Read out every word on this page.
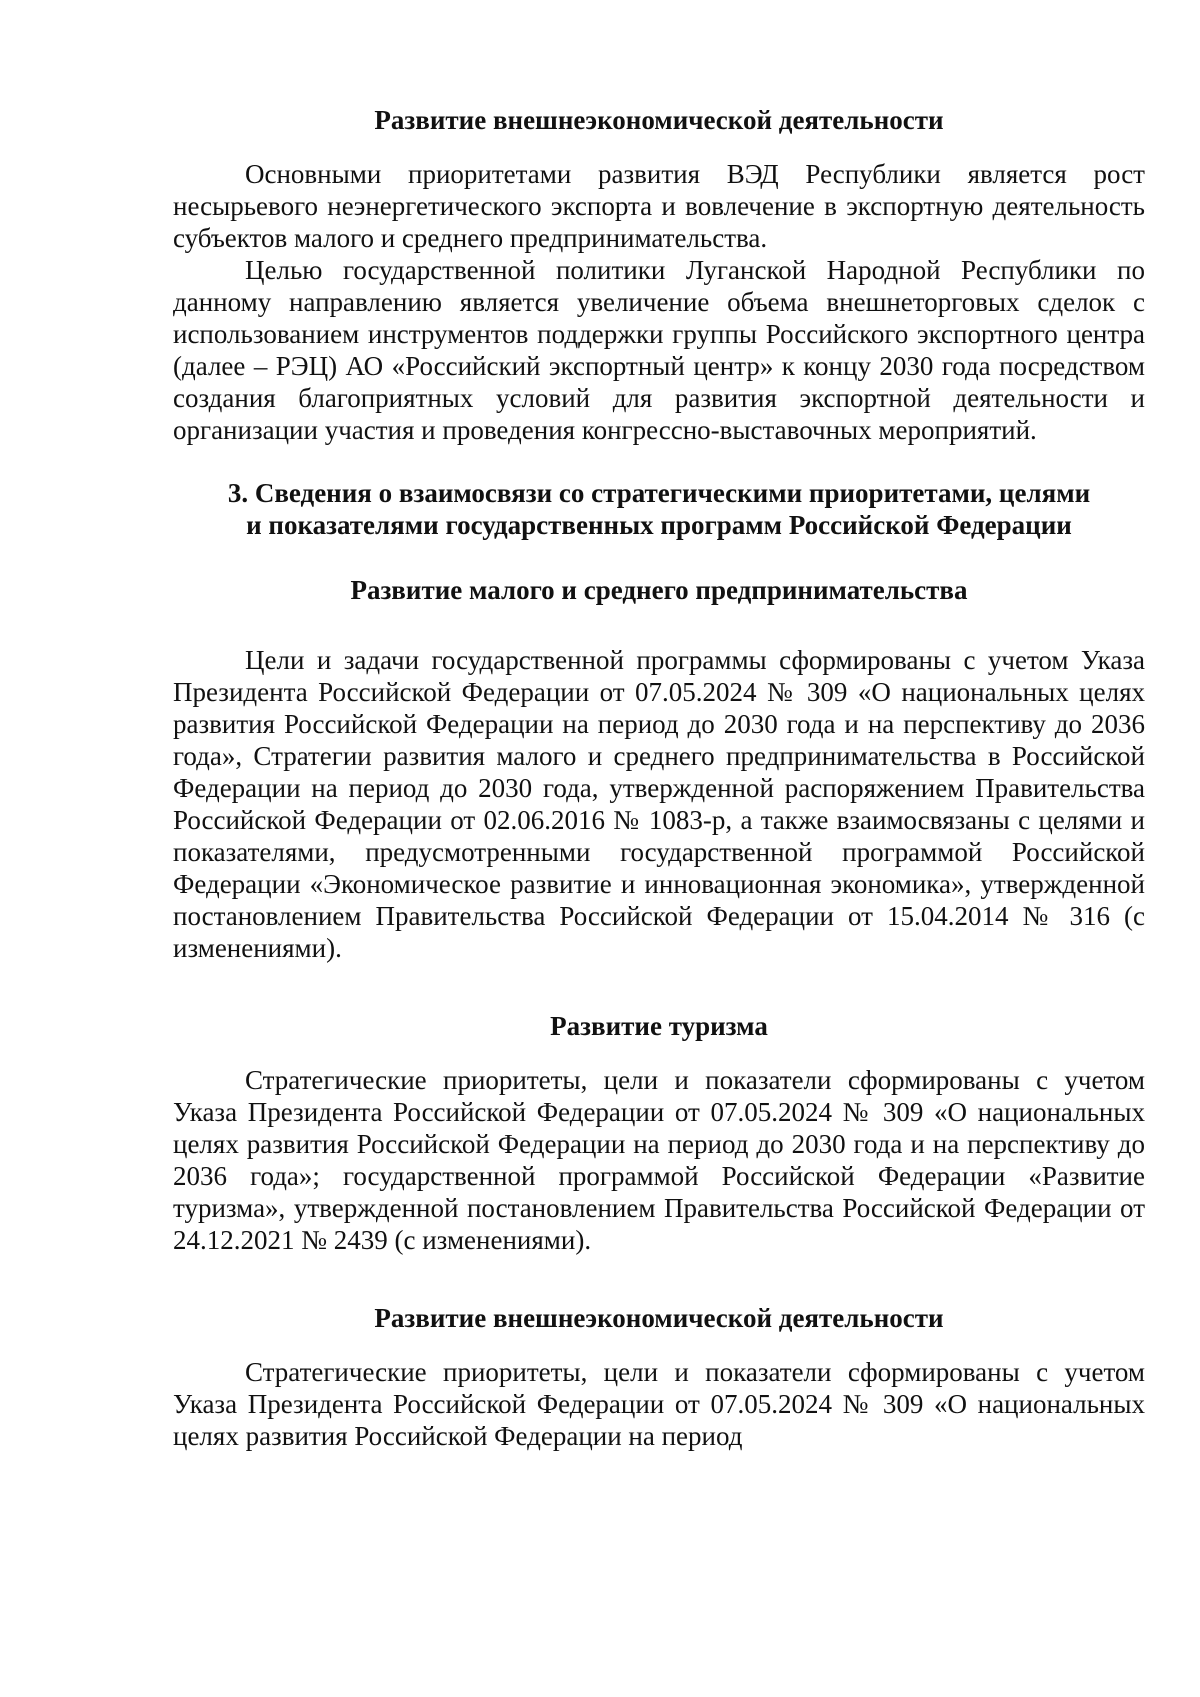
Развитие внешнеэкономической деятельности

Основными приоритетами развития ВЭД Республики является рост несырьевого неэнергетического экспорта и вовлечение в экспортную деятельность субъектов малого и среднего предпринимательства.

Целью государственной политики Луганской Народной Республики по данному направлению является увеличение объема внешнеторговых сделок с использованием инструментов поддержки группы Российского экспортного центра (далее – РЭЦ) АО «Российский экспортный центр» к концу 2030 года посредством создания благоприятных условий для развития экспортной деятельности и организации участия и проведения конгрессно-выставочных мероприятий.

3. Сведения о взаимосвязи со стратегическими приоритетами, целями
и показателями государственных программ Российской Федерации

Развитие малого и среднего предпринимательства

Цели и задачи государственной программы сформированы с учетом Указа Президента Российской Федерации от 07.05.2024 № 309 «О национальных целях развития Российской Федерации на период до 2030 года и на перспективу до 2036 года», Стратегии развития малого и среднего предпринимательства в Российской Федерации на период до 2030 года, утвержденной распоряжением Правительства Российской Федерации от 02.06.2016 № 1083-р, а также взаимосвязаны с целями и показателями, предусмотренными государственной программой Российской Федерации «Экономическое развитие и инновационная экономика», утвержденной постановлением Правительства Российской Федерации от 15.04.2014 № 316 (с изменениями).

Развитие туризма

Стратегические приоритеты, цели и показатели сформированы с учетом Указа Президента Российской Федерации от 07.05.2024 № 309 «О национальных целях развития Российской Федерации на период до 2030 года и на перспективу до 2036 года»; государственной программой Российской Федерации «Развитие туризма», утвержденной постановлением Правительства Российской Федерации от 24.12.2021 № 2439 (с изменениями).

Развитие внешнеэкономической деятельности

Стратегические приоритеты, цели и показатели сформированы с учетом Указа Президента Российской Федерации от 07.05.2024 № 309 «О национальных целях развития Российской Федерации на период
